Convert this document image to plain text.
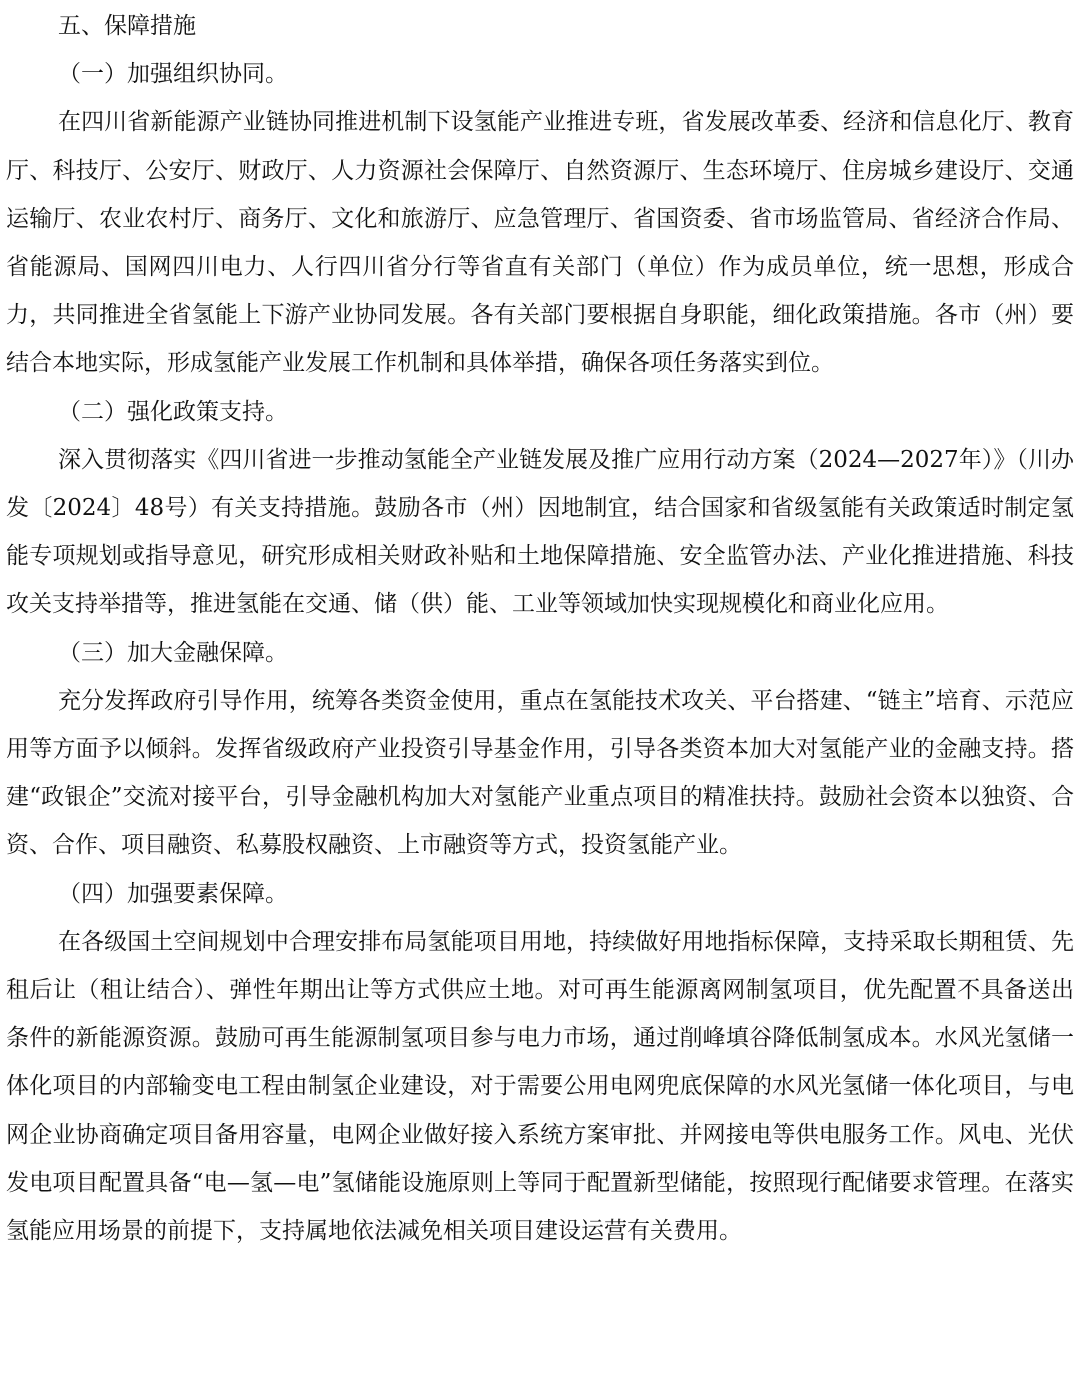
五、保障措施

（一）加强组织协同。

在四川省新能源产业链协同推进机制下设氢能产业推进专班，省发展改革委、经济和信息化厅、教育厅、科技厅、公安厅、财政厅、人力资源社会保障厅、自然资源厅、生态环境厅、住房城乡建设厅、交通运输厅、农业农村厅、商务厅、文化和旅游厅、应急管理厅、省国资委、省市场监管局、省经济合作局、省能源局、国网四川电力、人行四川省分行等省直有关部门（单位）作为成员单位，统一思想，形成合力，共同推进全省氢能上下游产业协同发展。各有关部门要根据自身职能，细化政策措施。各市（州）要结合本地实际，形成氢能产业发展工作机制和具体举措，确保各项任务落实到位。

（二）强化政策支持。

深入贯彻落实《四川省进一步推动氢能全产业链发展及推广应用行动方案（2024—2027年）》（川办发〔2024〕48号）有关支持措施。鼓励各市（州）因地制宜，结合国家和省级氢能有关政策适时制定氢能专项规划或指导意见，研究形成相关财政补贴和土地保障措施、安全监管办法、产业化推进措施、科技攻关支持举措等，推进氢能在交通、储（供）能、工业等领域加快实现规模化和商业化应用。

（三）加大金融保障。

充分发挥政府引导作用，统筹各类资金使用，重点在氢能技术攻关、平台搭建、“链主”培育、示范应用等方面予以倾斜。发挥省级政府产业投资引导基金作用，引导各类资本加大对氢能产业的金融支持。搭建“政银企”交流对接平台，引导金融机构加大对氢能产业重点项目的精准扶持。鼓励社会资本以独资、合资、合作、项目融资、私募股权融资、上市融资等方式，投资氢能产业。

（四）加强要素保障。

在各级国土空间规划中合理安排布局氢能项目用地，持续做好用地指标保障，支持采取长期租赁、先租后让（租让结合）、弹性年期出让等方式供应土地。对可再生能源离网制氢项目，优先配置不具备送出条件的新能源资源。鼓励可再生能源制氢项目参与电力市场，通过削峰填谷降低制氢成本。水风光氢储一体化项目的内部输变电工程由制氢企业建设，对于需要公用电网兜底保障的水风光氢储一体化项目，与电网企业协商确定项目备用容量，电网企业做好接入系统方案审批、并网接电等供电服务工作。风电、光伏发电项目配置具备“电—氢—电”氢储能设施原则上等同于配置新型储能，按照现行配储要求管理。在落实氢能应用场景的前提下，支持属地依法减免相关项目建设运营有关费用。
